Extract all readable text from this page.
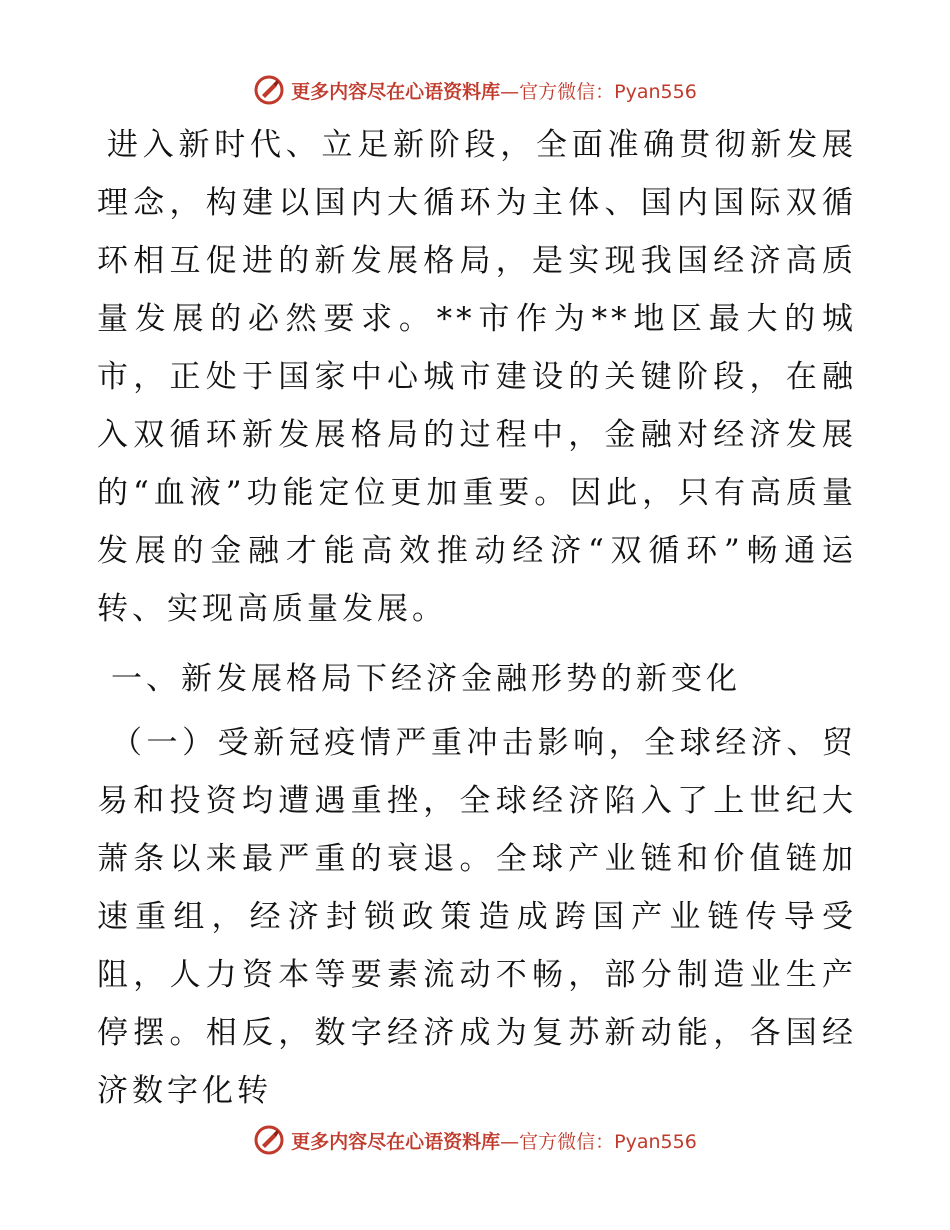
更多内容尽在心语资料库 —官方微信：Pyan556

进入新时代、立足新阶段，全面准确贯彻新发展理念，构建以国内大循环为主体、国内国际双循环相互促进的新发展格局，是实现我国经济高质量发展的必然要求。**市作为**地区最大的城市，正处于国家中心城市建设的关键阶段，在融入双循环新发展格局的过程中，金融对经济发展的“血液”功能定位更加重要。因此，只有高质量发展的金融才能高效推动经济“双循环”畅通运转、实现高质量发展。

一、新发展格局下经济金融形势的新变化

（一）受新冠疫情严重冲击影响，全球经济、贸易和投资均遭遇重挫，全球经济陷入了上世纪大萧条以来最严重的衰退。全球产业链和价值链加速重组，经济封锁政策造成跨国产业链传导受阻，人力资本等要素流动不畅，部分制造业生产停摆。相反，数字经济成为复苏新动能，各国经济数字化转

更多内容尽在心语资料库 —官方微信：Pyan556
